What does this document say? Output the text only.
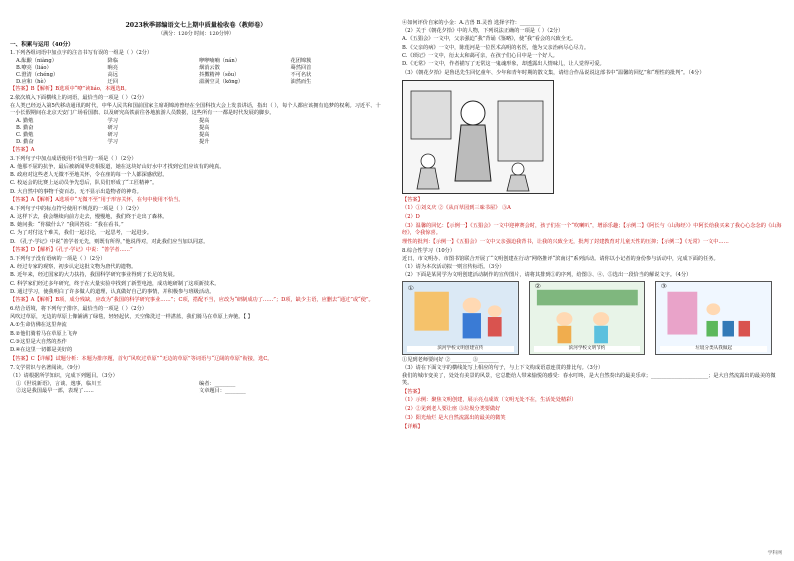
2023秋季部编语文七上期中质量检收卷（教师卷）

（满分：120分 时间：120分钟）

一、积累与运用（40分）

1.下列各组词语中加点字的注音书写有误的一组是（ ）（2分）

A.酝酿（niàng）	降临	咿咿喃喃（nán）	花团锦簇
B.嘹亮（liáo）	晌亮	烟消云散	蓦然回首
C.澄清（chéng）	高远	抖擞精神（sǒu）	不可名状
D.应和（hè）	迂回	溢满空灵（kōng）	油然而生

【答案】B【解析】B选项中“嘹”读liáo，本题选B。

2.依次填入下面横线上的词语，最恰当的一项是（ ）（2分）

在人类已经迈入第5代移动通讯的时代，中华人民共和国前国家主席胡锦涛曾经在全国科技大会上发表讲话，指出（ ），每个人都应该拥有追梦的权利。习近平、十一小长假期间在北京天安门广场看国旗、以及研究高铁前往各地旅游人员数据，这些所有一一都是时代发展的脚步。

A. 勤勉	学习	提高
B. 勤奋	研习	提高
C. 勤勉	研习	提高
D. 勤奋	学习	提升

【答案】A

3.下列句子中加点成语使用不恰当的一项是（ ）（2分）

A. 他那不屈的抗争，最后被新闻界竞相报道，她在这块好山好水中才找到它们应该有的纯真。

B. 政府对这些老人无微不至地关怀，令在座的每一个人都深感欣慰。

C. 校运会的比赛上运动员争先恐后，队员们形成了“工匠精神”。

D. 大自然中的事物千姿百态，无不显示出造物者的神奇。

【答案】A【解析】A选项中“无微不至”用于形容关怀，在句中使用不恰当。

4.下列句子中的标点符号使用不规范的一项是（ ）（2分）

A. 这样下去，我会继续向前方走去，慢慢地，我们终于走出了森林。

B. 她问我：“你做什么？”我回答说：“我在看书。”

C. 为了对付这个难关，我们一起讨论，一起思考，一起进步。

D. 《孔子·学记》中说“善学者无先，则既有所得，”他说得对，对此我们应当加以同意。

【答案】D【解析】《孔子·学记》中说：“善学者……”

5.下列句子没有语病的一项是（ ）（2分）

A. 经过专家的观察，初步认定这批文物为唐代的遗物。

B. 近年来，经过国家的大力扶持，我国科学研究事业得到了长足的发展。

C. 科学家们经过多年研究，终于在大量实验中找到了新型电池，成功地研制了这项新技术。

D. 通过学习，使我明白了许多做人的道理，认真做好自己的事情，并积极参与班级活动。

【答案】A【解析】B项，成分残缺，应改为“我国的科学研究事业……”；C项，搭配不当，应改为“研制成功了……”；D项，缺少主语，应删去“通过”或“使”。

6.结合语境，将下列句子排序，最恰当的一项是（ ）（2分）

风吹过草原，无边的草原上像铺满了绿毯，轻轻起伏，天空像洗过一样湛蓝，我们骑马在草原上奔驰。【 】

A.①生命仿佛在这里奔流

B.②他们骑着马在草原上飞奔

C.③这里是大自然的杰作

D.④在这里一切都是美好的

【答案】C【详解】试题分析：本题为排序题，首句“风吹过草原”“无边的草原”等词语与“辽阔的草原”衔接，选C。

7.文学常识与名著阅读。（9分）

（1）请根据所学知识，完成下列题目。（3分）

①《世说新语》，言谈、逸事，临川王	编者：________
②这是我国最早一部，表现了……	文章题目：________

④如何评价自家的小金：A.吉兽 B.灵兽 选择字符：________

（2）关于《朝花夕拾》中的人物，下列说法正确的一项是（ ）（2分）

A.《五猖会》一文中，父亲强迫“我”背诵《鉴略》，使“我”看会的兴致全无。

B.《父亲的病》一文中，陈莲河是一位医术高明的名医，他为父亲治病尽心尽力。

C.《琐记》一文中，衍太太和蔼可亲，在孩子们心目中是一个好人。

D.《无常》一文中，作者描写了无常这一鬼魂形象，却透露出人情味儿，让人觉得可爱。

（3）《朝花夕拾》是鲁迅先生回忆童年、少年和青年时期的散文集，请结合作品说说这部书中“温馨的回忆”和“理性的批判”。（4分）

【答案】

（1）①刘义庆 ②《从百草园到三味书屋》 ③A

（2）D

（3）温馨的回忆：【示例一】《五猖会》一文中迎神赛会时，孩子们在一个“吹喇叭”，增添乐趣；【示例二】《阿长与〈山海经〉》中阿长给我买来了我心心念念的《山海经》，令我惊喜。

理性的批判：【示例一】《五猖会》一文中父亲强迫我背书，让我的兴致全无，批判了封建教育对儿童天性的压抑；【示例二】《无常》一文中……

8.综合性学习（10分）

近日，市文明办、市图书馆联合开展了“文明创建在行动”网络推评“滨南讨”系列活动。请你以小记者的身份参与活动中，完成下面的任务。

（1）请为本次活动拟一则宣传标语。（3分）

（2）下面是某同学为文明创建活动制作的宣传图片，请将其排到①的序列，给图③、④、⑤选出一段恰当的解说文字。（4分）

①
滨河学校文明创建宣传
②
滨河学校文明节约
③
垃圾分类从我做起

①见到老师要问好 ②________ ③________

（3）请在下面文字的横线处写上相应的句子，与上下文构成语意连贯的排比句。（3分）

我们的城市变美了，处处有美景的风景，它总能给人带来愉悦的感受：春水叮咚，是大自然奏出的最美乐章；______________________；是大自然流露出的最美的微笑。

【答案】

（1）示例：聚焦文明创建，展示亮点成效（文明无处不在，生活处处精彩）

（2）②见到老人要让座 ③垃圾分类要做好

（3）阳光灿烂 是大自然流露出的最美的微笑

【详解】

学科网
